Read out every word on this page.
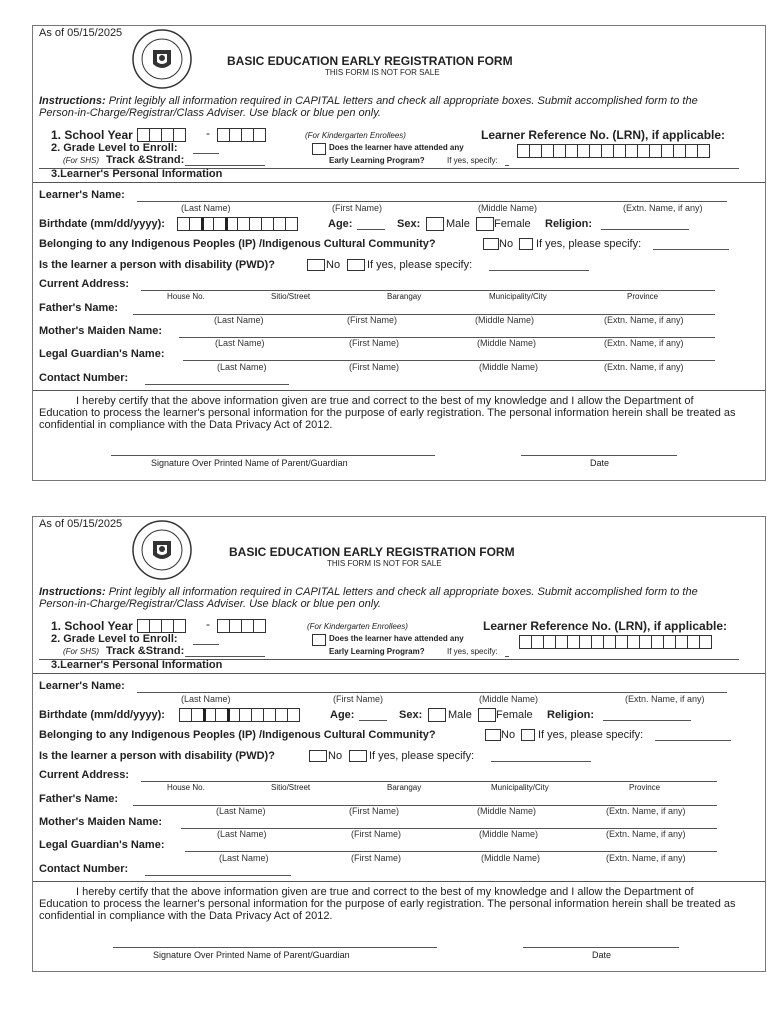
As of 05/15/2025
BASIC EDUCATION EARLY REGISTRATION FORM
THIS FORM IS NOT FOR SALE
Instructions: Print legibly all information required in CAPITAL letters and check all appropriate boxes. Submit accomplished form to the Person-in-Charge/Registrar/Class Adviser. Use black or blue pen only.
1. School Year	-	(For Kindergarten Enrollees)	Learner Reference No. (LRN), if applicable:
2. Grade Level to Enroll:	Does the learner have attended any
Early Learning Program?	If yes, specify:
(For SHS) Track &Strand:
3.Learner's Personal Information
Learner's Name:
(Last Name)	(First Name)	(Middle Name)	(Extn. Name, if any)
Birthdate (mm/dd/yyyy):	Age:	Sex: Male Female Religion:
Belonging to any Indigenous Peoples (IP) /Indigenous Cultural Community?	No If yes, please specify:
Is the learner a person with disability (PWD)?	No If yes, please specify:
Current Address:
House No.	Sitio/Street	Barangay	Municipality/City	Province
Father's Name:
(Last Name)	(First Name)	(Middle Name)	(Extn. Name, if any)
Mother's Maiden Name:
(Last Name)	(First Name)	(Middle Name)	(Extn. Name, if any)
Legal Guardian's Name:
(Last Name)	(First Name)	(Middle Name)	(Extn. Name, if any)
Contact Number:
I hereby certify that the above information given are true and correct to the best of my knowledge and I allow the Department of Education to process the learner's personal information for the purpose of early registration. The personal information herein shall be treated as confidential in compliance with the Data Privacy Act of 2012.
Signature Over Printed Name of Parent/Guardian	Date
As of 05/15/2025
BASIC EDUCATION EARLY REGISTRATION FORM
THIS FORM IS NOT FOR SALE
Instructions: Print legibly all information required in CAPITAL letters and check all appropriate boxes. Submit accomplished form to the Person-in-Charge/Registrar/Class Adviser. Use black or blue pen only.
1. School Year	-	(For Kindergarten Enrollees)	Learner Reference No. (LRN), if applicable:
2. Grade Level to Enroll:	Does the learner have attended any
Early Learning Program?	If yes, specify:
(For SHS) Track &Strand:
3.Learner's Personal Information
Learner's Name:
(Last Name)	(First Name)	(Middle Name)	(Extn. Name, if any)
Birthdate (mm/dd/yyyy):	Age:	Sex: Male Female Religion:
Belonging to any Indigenous Peoples (IP) /Indigenous Cultural Community?	No If yes, please specify:
Is the learner a person with disability (PWD)?	No If yes, please specify:
Current Address:
House No.	Sitio/Street	Barangay	Municipality/City	Province
Father's Name:
(Last Name)	(First Name)	(Middle Name)	(Extn. Name, if any)
Mother's Maiden Name:
(Last Name)	(First Name)	(Middle Name)	(Extn. Name, if any)
Legal Guardian's Name:
(Last Name)	(First Name)	(Middle Name)	(Extn. Name, if any)
Contact Number:
I hereby certify that the above information given are true and correct to the best of my knowledge and I allow the Department of Education to process the learner's personal information for the purpose of early registration. The personal information herein shall be treated as confidential in compliance with the Data Privacy Act of 2012.
Signature Over Printed Name of Parent/Guardian	Date
